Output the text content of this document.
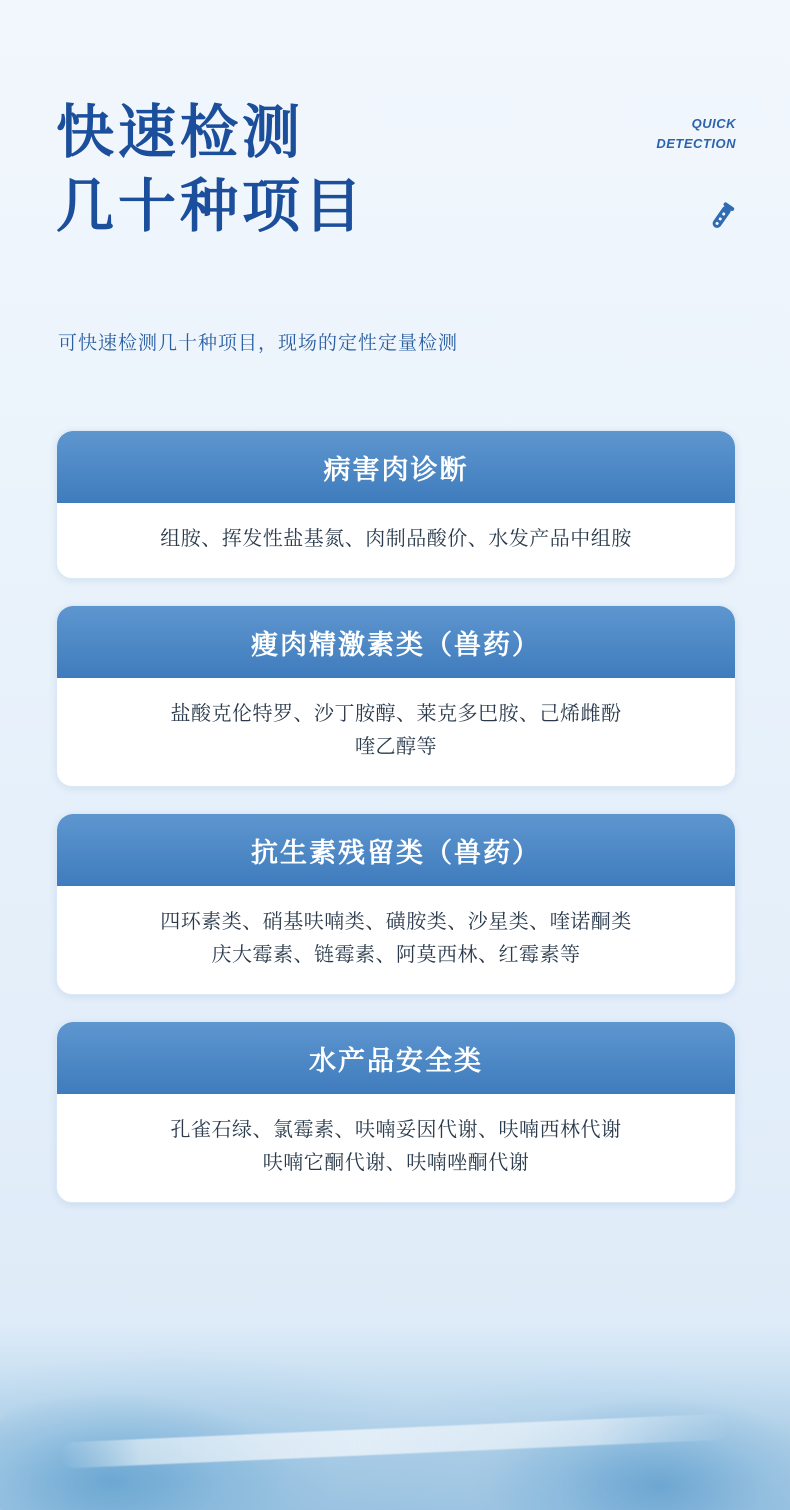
快速检测
几十种项目
QUICK
DETECTION
可快速检测几十种项目，现场的定性定量检测
病害肉诊断
组胺、挥发性盐基氮、肉制品酸价、水发产品中组胺
瘦肉精激素类（兽药）
盐酸克伦特罗、沙丁胺醇、莱克多巴胺、己烯雌酚
喹乙醇等
抗生素残留类（兽药）
四环素类、硝基呋喃类、磺胺类、沙星类、喹诺酮类
庆大霉素、链霉素、阿莫西林、红霉素等
水产品安全类
孔雀石绿、氯霉素、呋喃妥因代谢、呋喃西林代谢
呋喃它酮代谢、呋喃唑酮代谢
